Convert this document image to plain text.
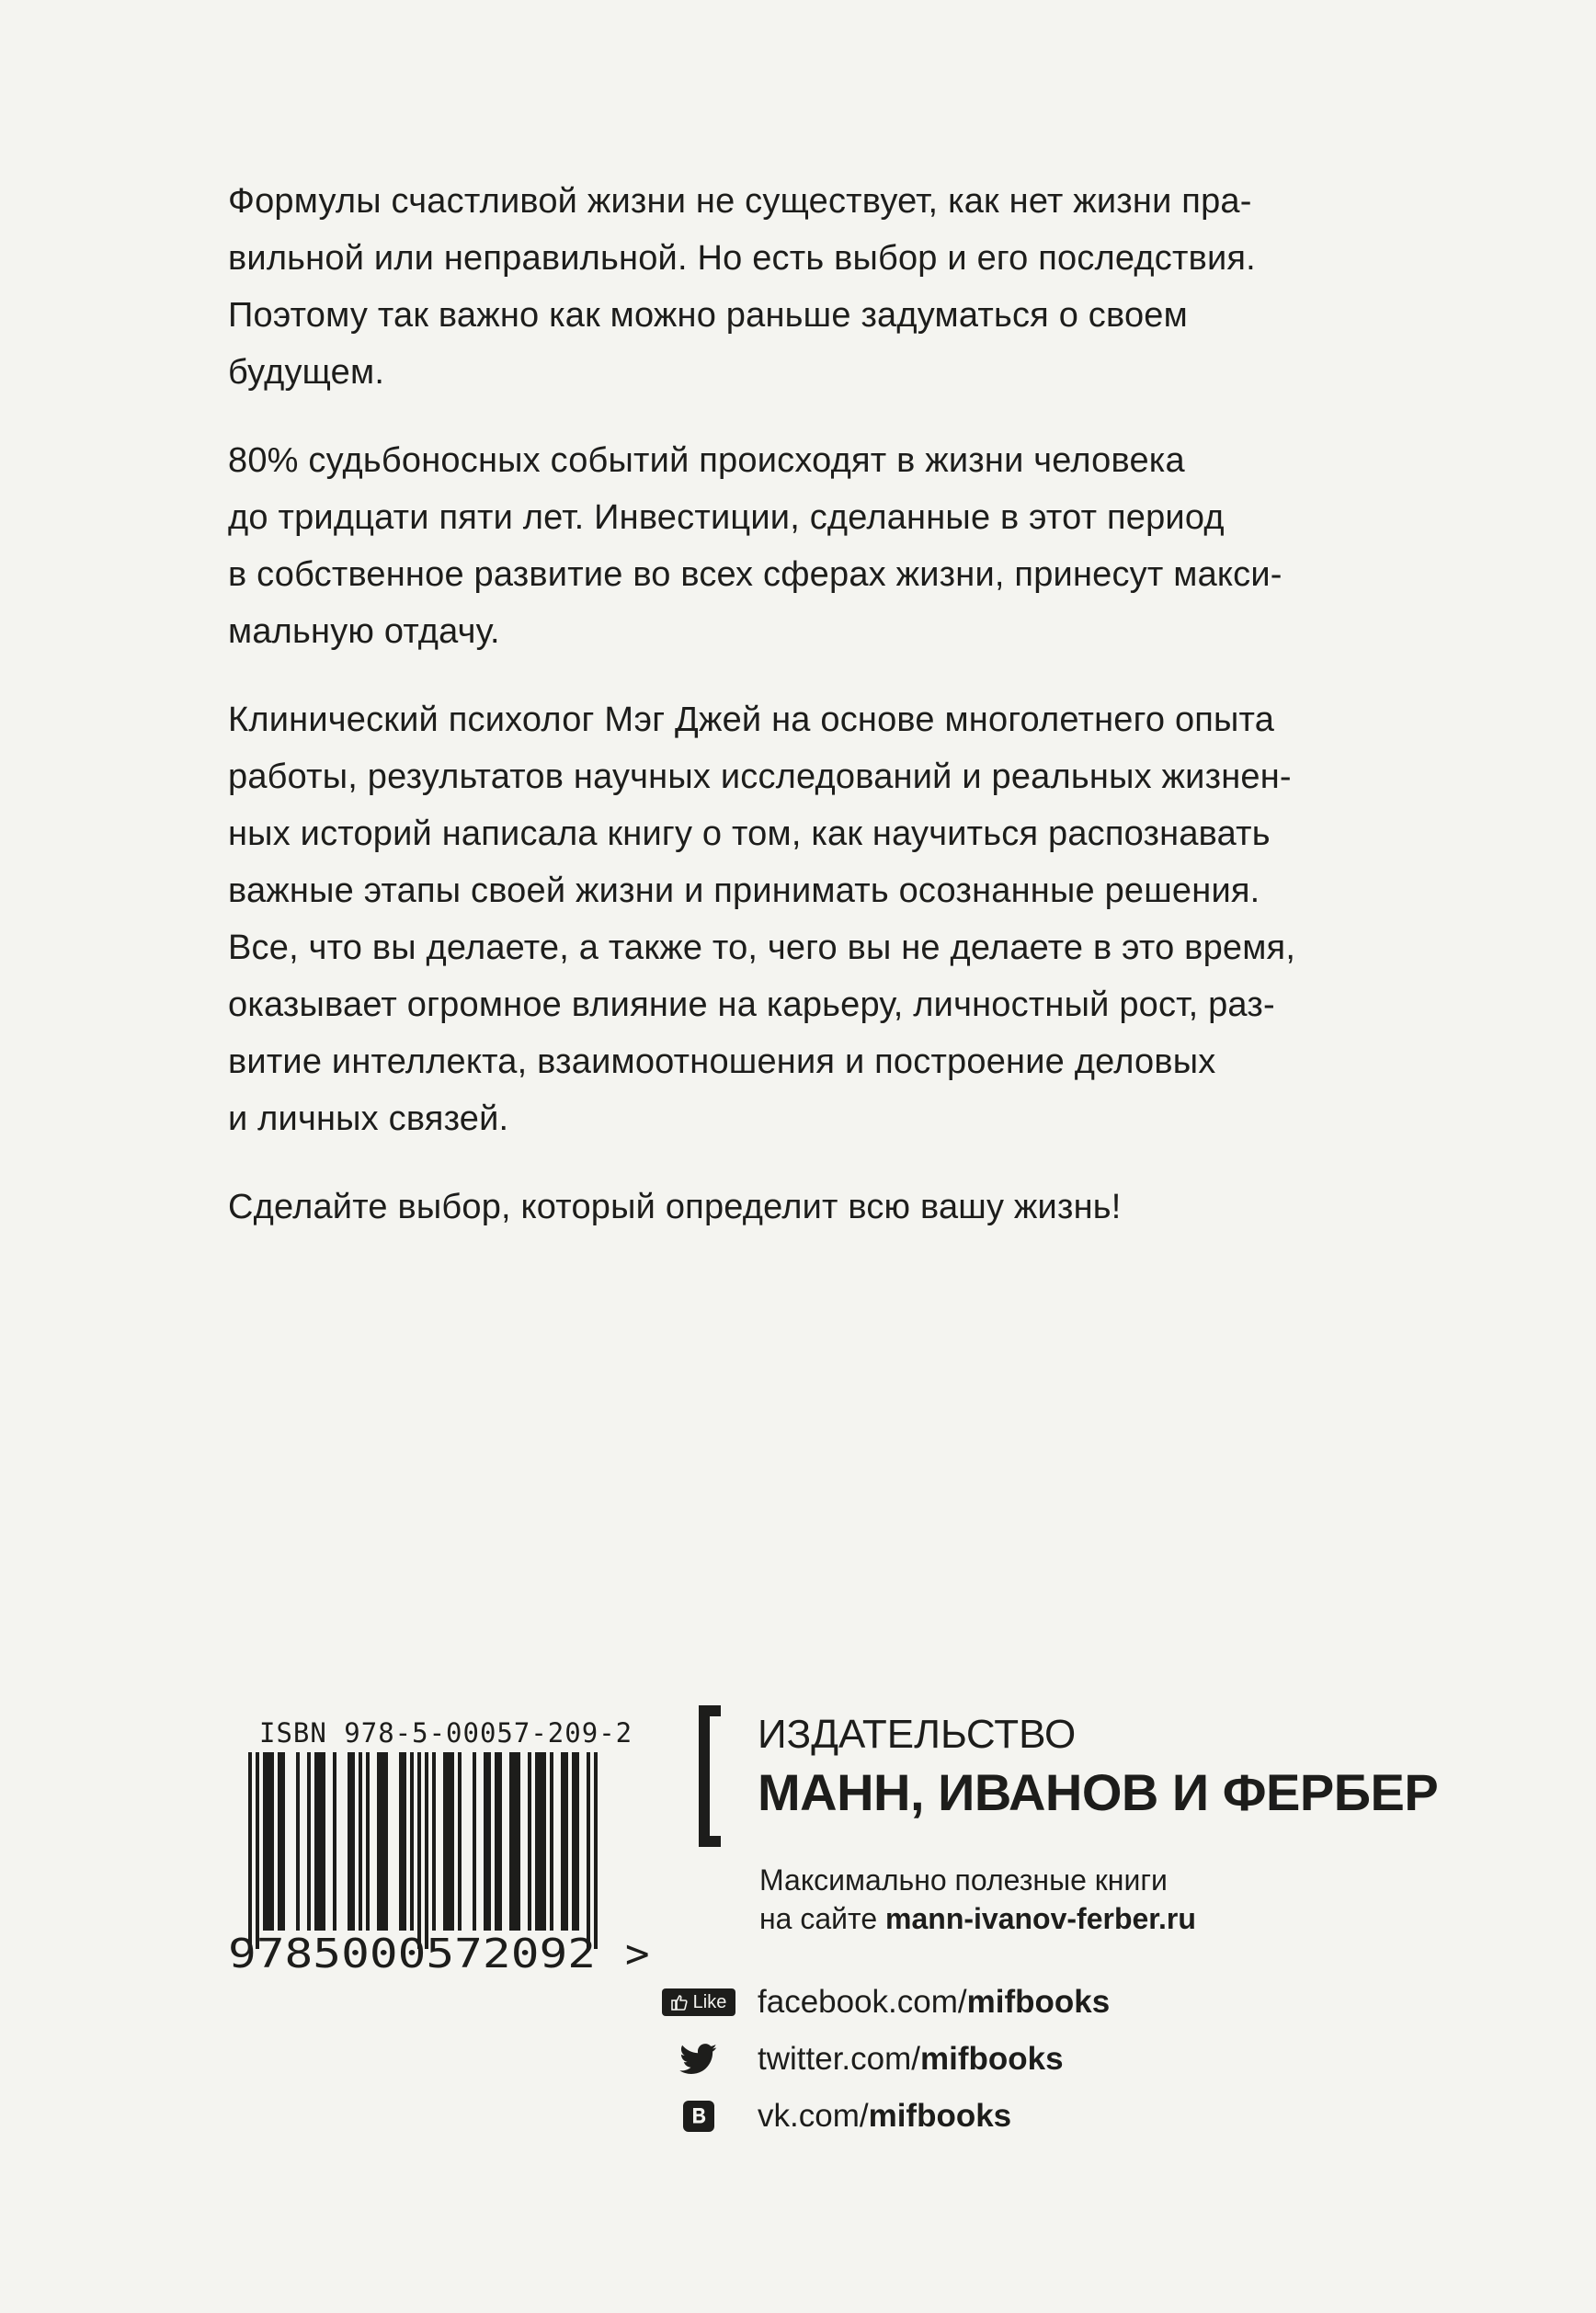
Формулы счастливой жизни не существует, как нет жизни пра-
вильной или неправильной. Но есть выбор и его последствия.
Поэтому так важно как можно раньше задуматься о своем
будущем.

80% судьбоносных событий происходят в жизни человека
до тридцати пяти лет. Инвестиции, сделанные в этот период
в собственное развитие во всех сферах жизни, принесут макси-
мальную отдачу.

Клинический психолог Мэг Джей на основе многолетнего опыта
работы, результатов научных исследований и реальных жизнен-
ных историй написала книгу о том, как научиться распознавать
важные этапы своей жизни и принимать осознанные решения.
Все, что вы делаете, а также то, чего вы не делаете в это время,
оказывает огромное влияние на карьеру, личностный рост, раз-
витие интеллекта, взаимоотношения и построение деловых
и личных связей.

Сделайте выбор, который определит всю вашу жизнь!

ISBN 978-5-00057-209-2
9785000572092 >
ИЗДАТЕЛЬСТВО
МАНН, ИВАНОВ И ФЕРБЕР
Максимально полезные книги
на сайте mann-ivanov-ferber.ru
Like facebook.com/mifbooks
twitter.com/mifbooks
vk.com/mifbooks
